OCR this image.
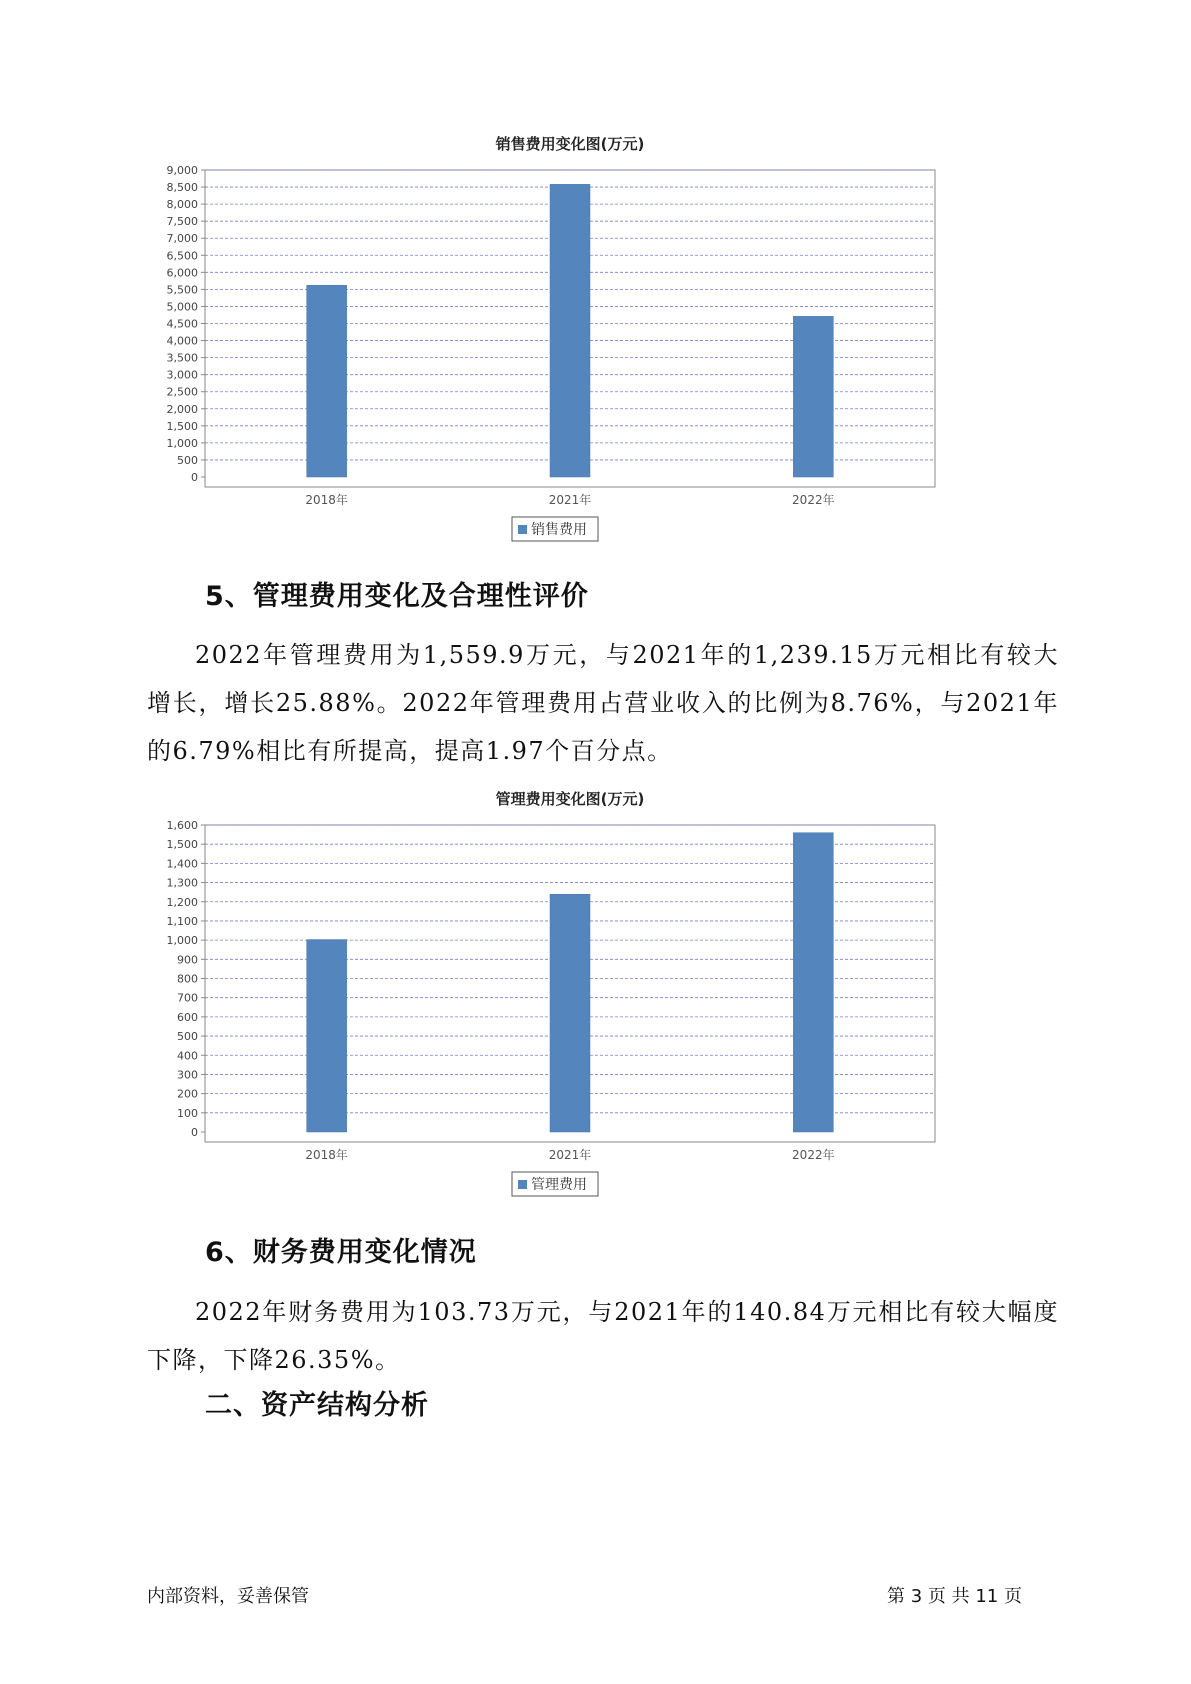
销售费用变化图(万元)
0
500
1,000
1,500
2,000
2,500
3,000
3,500
4,000
4,500
5,000
5,500
6,000
6,500
7,000
7,500
8,000
8,500
9,000
2018年	2021年	2022年
销售费用
5、管理费用变化及合理性评价

2022年管理费用为1,559.9万元，与2021年的1,239.15万元相比有较大增长，增长25.88%。2022年管理费用占营业收入的比例为8.76%，与2021年的6.79%相比有所提高，提高1.97个百分点。

管理费用变化图(万元)
0
100
200
300
400
500
600
700
800
900
1,000
1,100
1,200
1,300
1,400
1,500
1,600
2018年	2021年	2022年
管理费用
6、财务费用变化情况

2022年财务费用为103.73万元，与2021年的140.84万元相比有较大幅度下降，下降26.35%。

二、资产结构分析
内部资料，妥善保管	第 3 页 共 11 页
